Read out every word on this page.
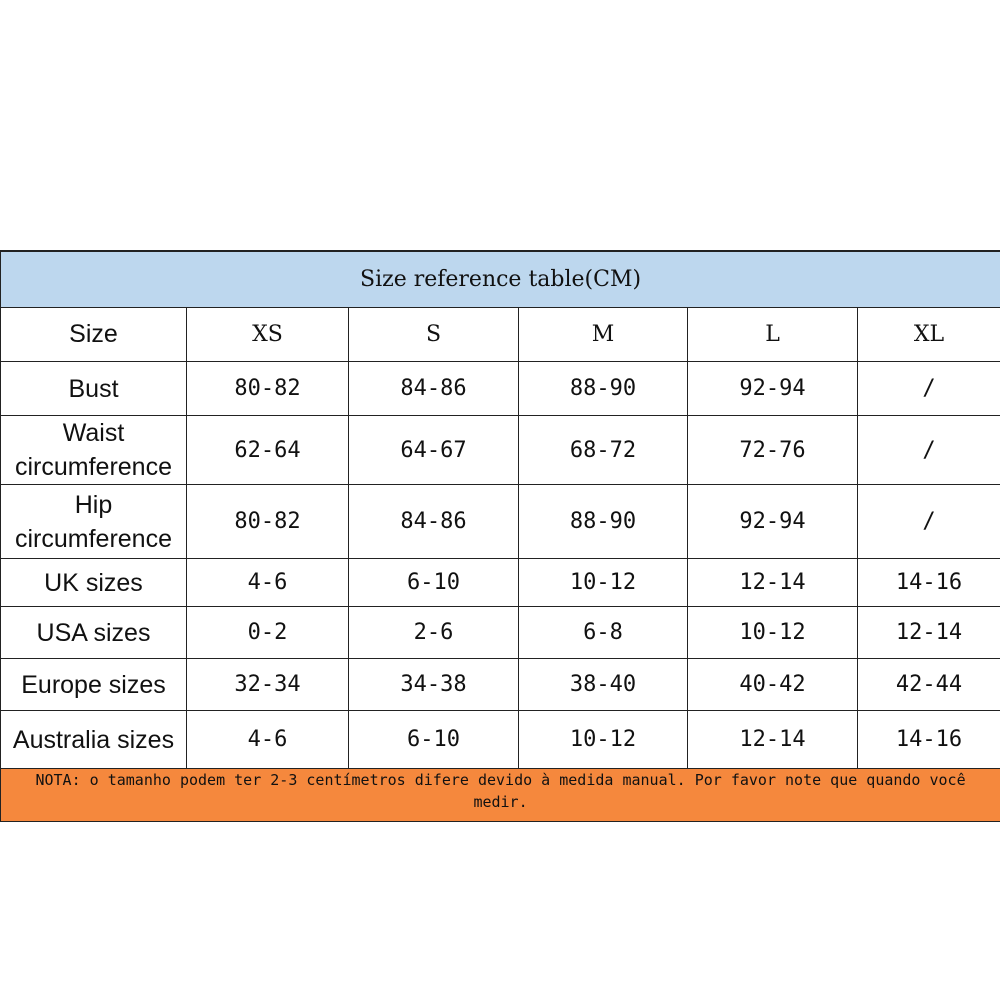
Size reference table(CM)					
Size	XS	S	M	L	XL
Bust	80-82	84-86	88-90	92-94	/
Waist
circumference	62-64	64-67	68-72	72-76	/
Hip
circumference	80-82	84-86	88-90	92-94	/
UK sizes	4-6	6-10	10-12	12-14	14-16
USA sizes	0-2	2-6	6-8	10-12	12-14
Europe sizes	32-34	34-38	38-40	40-42	42-44
Australia sizes	4-6	6-10	10-12	12-14	14-16
NOTA: o tamanho podem ter 2-3 centímetros difere devido à medida manual. Por favor note que quando você medir.					
